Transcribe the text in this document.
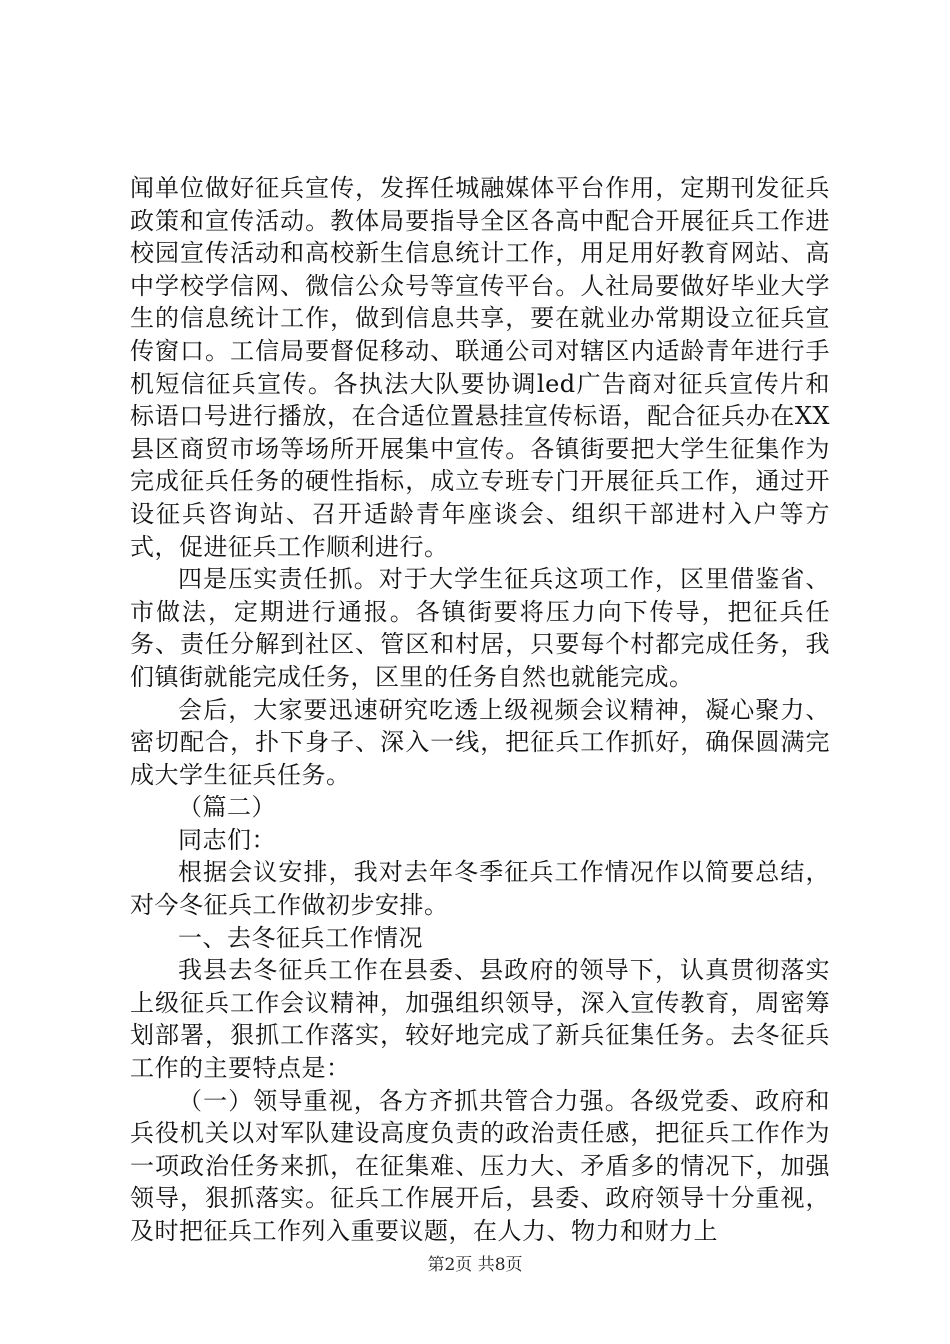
闻单位做好征兵宣传，发挥任城融媒体平台作用，定期刊发征兵政策和宣传活动。教体局要指导全区各高中配合开展征兵工作进校园宣传活动和高校新生信息统计工作，用足用好教育网站、高中学校学信网、微信公众号等宣传平台。人社局要做好毕业大学生的信息统计工作，做到信息共享，要在就业办常期设立征兵宣传窗口。工信局要督促移动、联通公司对辖区内适龄青年进行手机短信征兵宣传。各执法大队要协调led广告商对征兵宣传片和标语口号进行播放，在合适位置悬挂宣传标语，配合征兵办在XX县区商贸市场等场所开展集中宣传。各镇街要把大学生征集作为完成征兵任务的硬性指标，成立专班专门开展征兵工作，通过开设征兵咨询站、召开适龄青年座谈会、组织干部进村入户等方式，促进征兵工作顺利进行。

四是压实责任抓。对于大学生征兵这项工作，区里借鉴省、市做法，定期进行通报。各镇街要将压力向下传导，把征兵任务、责任分解到社区、管区和村居，只要每个村都完成任务，我们镇街就能完成任务，区里的任务自然也就能完成。

会后，大家要迅速研究吃透上级视频会议精神，凝心聚力、密切配合，扑下身子、深入一线，把征兵工作抓好，确保圆满完成大学生征兵任务。

（篇二）

同志们：

根据会议安排，我对去年冬季征兵工作情况作以简要总结，对今冬征兵工作做初步安排。

一、去冬征兵工作情况

我县去冬征兵工作在县委、县政府的领导下，认真贯彻落实上级征兵工作会议精神，加强组织领导，深入宣传教育，周密筹划部署，狠抓工作落实，较好地完成了新兵征集任务。去冬征兵工作的主要特点是：

（一）领导重视，各方齐抓共管合力强。各级党委、政府和兵役机关以对军队建设高度负责的政治责任感，把征兵工作作为一项政治任务来抓，在征集难、压力大、矛盾多的情况下，加强领导，狠抓落实。征兵工作展开后，县委、政府领导十分重视，及时把征兵工作列入重要议题，在人力、物力和财力上

第2页 共8页
